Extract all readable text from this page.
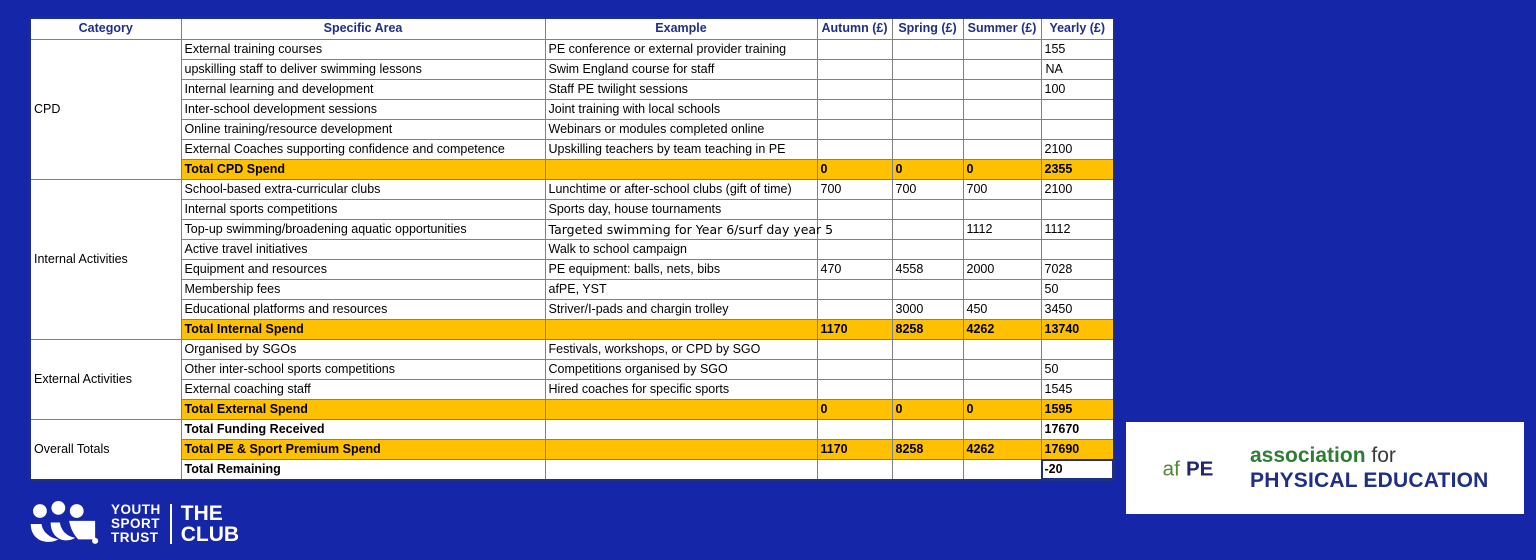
Category	Specific Area	Example	Autumn (£)	Spring (£)	Summer (£)	Yearly (£)
CPD	External training courses	PE conference or external provider training				155
	upskilling staff to deliver swimming lessons	Swim England course for staff				NA
	Internal learning and development	Staff PE twilight sessions				100
	Inter-school development sessions	Joint training with local schools				
	Online training/resource development	Webinars or modules completed online				
	External Coaches supporting confidence and competence	Upskilling teachers by team teaching in PE				2100
	Total CPD Spend		0	0	0	2355
Internal Activities	School-based extra-curricular clubs	Lunchtime or after-school clubs (gift of time)	700	700	700	2100
	Internal sports competitions	Sports day, house tournaments				
	Top-up swimming/broadening aquatic opportunities	Targeted swimming for Year 6/surf day year 5			1112	1112
	Active travel initiatives	Walk to school campaign				
	Equipment and resources	PE equipment: balls, nets, bibs	470	4558	2000	7028
	Membership fees	afPE, YST				50
	Educational platforms and resources	Striver/I-pads and chargin trolley		3000	450	3450
	Total Internal Spend		1170	8258	4262	13740
External Activities	Organised by SGOs	Festivals, workshops, or CPD by SGO				
	Other inter-school sports competitions	Competitions organised by SGO				50
	External coaching staff	Hired coaches for specific sports				1545
	Total External Spend		0	0	0	1595
Overall Totals	Total Funding Received					17670
	Total PE & Sport Premium Spend		1170	8258	4262	17690
	Total Remaining					-20
YOUTH
SPORT
TRUST
THE
CLUB
af PE
association for
PHYSICAL EDUCATION
